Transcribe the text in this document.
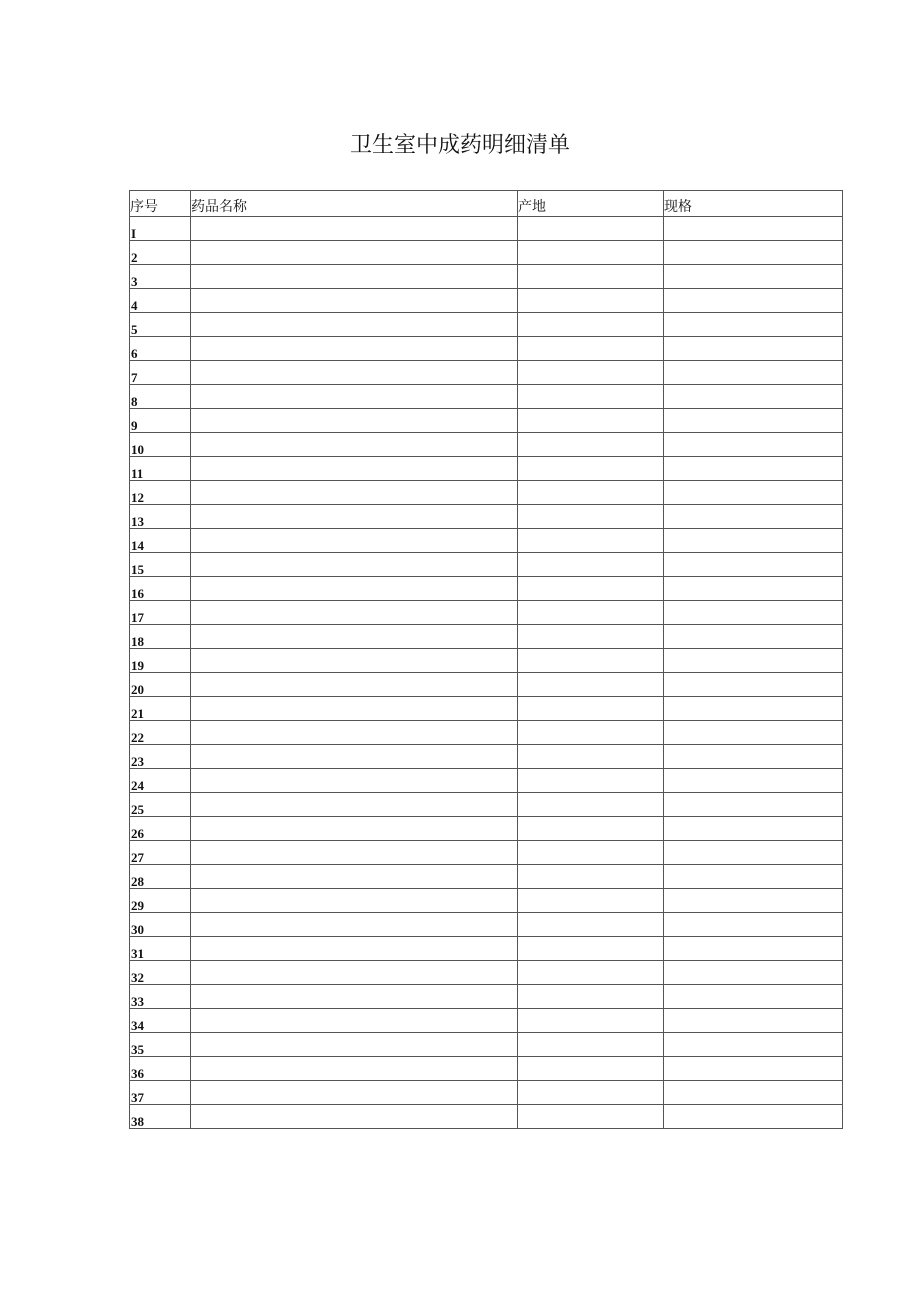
卫生室中成药明细清单
序号	药品名称	产地	现格
I			
2			
3			
4			
5			
6			
7			
8			
9			
10			
11			
12			
13			
14			
15			
16			
17			
18			
19			
20			
21			
22			
23			
24			
25			
26			
27			
28			
29			
30			
31			
32			
33			
34			
35			
36			
37			
38			
